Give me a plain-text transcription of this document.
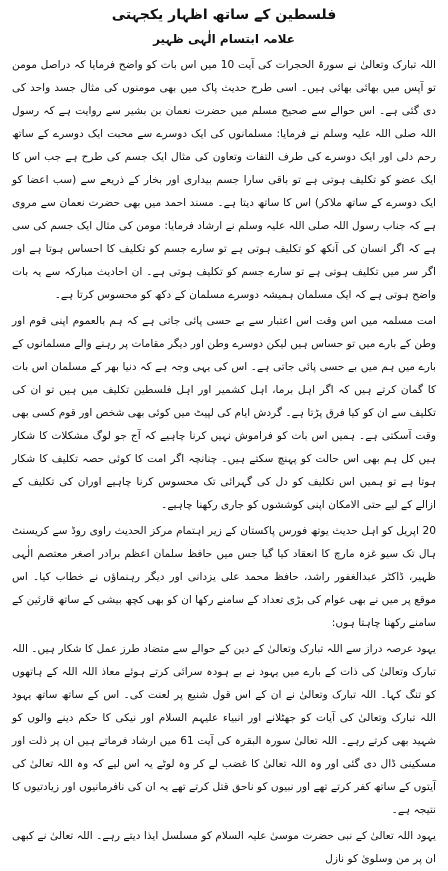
فلسطین کے ساتھ اظہار یکجہتی
علامہ ابتسام الٰہی ظہیر

اللہ تبارک وتعالیٰ نے سورۃ الحجرات کی آیت 10 میں اس بات کو واضح فرمایا کہ دراصل مومن تو آپس میں بھائی بھائی ہیں۔ اسی طرح حدیث پاک میں بھی مومنوں کی مثال جسد واحد کی دی گئی ہے۔ اس حوالے سے صحیح مسلم میں حضرت نعمان بن بشیر سے روایت ہے کہ رسول اللہ صلی اللہ علیہ وسلم نے فرمایا: مسلمانوں کی ایک دوسرے سے محبت ایک دوسرے کے ساتھ رحم دلی اور ایک دوسرے کی طرف التفات وتعاون کی مثال ایک جسم کی طرح ہے جب اس کا ایک عضو کو تکلیف ہوتی ہے تو باقی سارا جسم بیداری اور بخار کے ذریعے سے (سب اعضا کو ایک دوسرے کے ساتھ ملاکر) اس کا ساتھ دیتا ہے۔ مسند احمد میں بھی حضرت نعمان سے مروی ہے کہ جناب رسول اللہ صلی اللہ علیہ وسلم نے ارشاد فرمایا: مومن کی مثال ایک جسم کی سی ہے کہ اگر انسان کی آنکھ کو تکلیف ہوتی ہے تو سارے جسم کو تکلیف کا احساس ہوتا ہے اور اگر سر میں تکلیف ہوتی ہے تو سارے جسم کو تکلیف ہوتی ہے۔ ان احادیث مبارکہ سے یہ بات واضح ہوتی ہے کہ ایک مسلمان ہمیشہ دوسرے مسلمان کے دکھ کو محسوس کرتا ہے۔

امت مسلمہ میں اس وقت اس اعتبار سے بے حسی پائی جاتی ہے کہ ہم بالعموم اپنی قوم اور وطن کے بارے میں تو حساس ہیں لیکن دوسرے وطن اور دیگر مقامات پر رہنے والے مسلمانوں کے بارے میں ہم میں بے حسی پائی جاتی ہے۔ اس کی یہی وجہ ہے کہ دنیا بھر کے مسلمان اس بات کا گمان کرتے ہیں کہ اگر اہل برما، اہل کشمیر اور اہل فلسطین تکلیف میں ہیں تو ان کی تکلیف سے ان کو کیا فرق پڑتا ہے۔ گردش ایام کی لپیٹ میں کوئی بھی شخص اور قوم کسی بھی وقت آسکتی ہے۔ ہمیں اس بات کو فراموش نہیں کرنا چاہیے کہ آج جو لوگ مشکلات کا شکار ہیں کل ہم بھی اس حالت کو پہنچ سکتے ہیں۔ چنانچہ اگر امت کا کوئی حصہ تکلیف کا شکار ہوتا ہے تو ہمیں اس تکلیف کو دل کی گہرائی تک محسوس کرنا چاہیے اوران کی تکلیف کے ازالے کے لیے حتی الامکان اپنی کوششوں کو جاری رکھنا چاہیے۔

20 اپریل کو اہل حدیث یوتھ فورس پاکستان کے زیر اہتمام مرکز الحدیث راوی روڈ سے کریسنٹ ہال تک سیو غزہ مارچ کا انعقاد کیا گیا جس میں حافظ سلمان اعظم برادر اصغر معتصم الٰہی ظہیر، ڈاکٹر عبدالغفور راشد، حافظ محمد علی یزدانی اور دیگر رہنماؤں نے خطاب کیا۔ اس موقع پر میں نے بھی عوام کی بڑی تعداد کے سامنے رکھا ان کو بھی کچھ بیشی کے ساتھ قارئین کے سامنے رکھنا چاہتا ہوں:

یہود عرصہ دراز سے اللہ تبارک وتعالیٰ کے دین کے حوالے سے متضاد طرز عمل کا شکار ہیں۔ اللہ تبارک وتعالیٰ کی ذات کے بارے میں یہود نے بے ہودہ سرائی کرتے ہوئے معاذ اللہ اللہ کے ہاتھوں کو تنگ کہا۔ اللہ تبارک وتعالیٰ نے ان کے اس قول شنیع پر لعنت کی۔ اس کے ساتھ ساتھ یہود اللہ تبارک وتعالیٰ کی آیات کو جھٹلانے اور انبیاء علیہم السلام اور نیکی کا حکم دینے والوں کو شہید بھی کرتے رہے۔ اللہ تعالیٰ سورہ البقرہ کی آیت 61 میں ارشاد فرماتے ہیں ان پر ذلت اور مسکینی ڈال دی گئی اور وہ اللہ تعالیٰ کا غضب لے کر وہ لوٹے یہ اس لیے کہ وہ اللہ تعالیٰ کی آیتوں کے ساتھ کفر کرتے تھے اور نبیوں کو ناحق قتل کرتے تھے یہ ان کی نافرمانیوں اور زیادتیوں کا نتیجہ ہے۔

یہود اللہ تعالیٰ کے نبی حضرت موسیٰ علیہ السلام کو مسلسل ایذا دیتے رہے۔ اللہ تعالیٰ نے کبھی ان پر من وسلویٰ کو نازل
